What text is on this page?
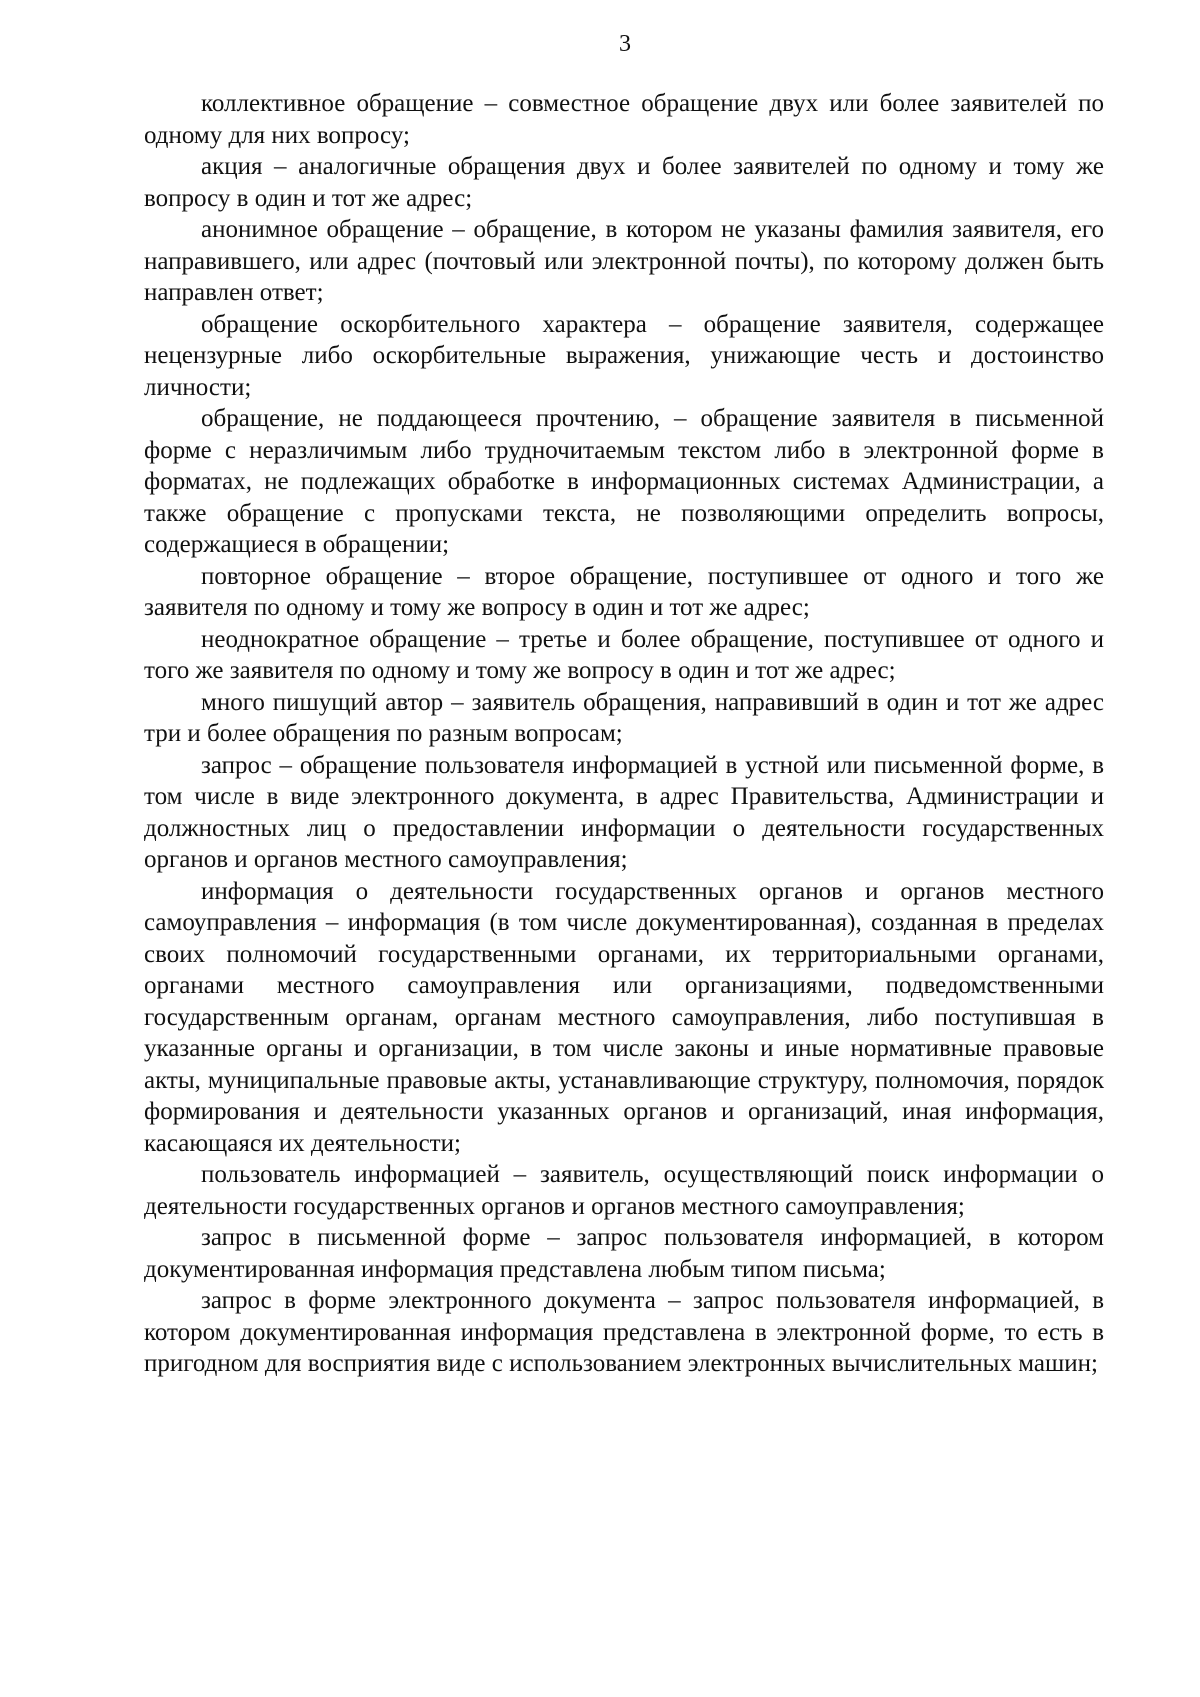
3

коллективное обращение – совместное обращение двух или более заявителей по одному для них вопросу;

акция – аналогичные обращения двух и более заявителей по одному и тому же вопросу в один и тот же адрес;

анонимное обращение – обращение, в котором не указаны фамилия заявителя, его направившего, или адрес (почтовый или электронной почты), по которому должен быть направлен ответ;

обращение оскорбительного характера – обращение заявителя, содержащее нецензурные либо оскорбительные выражения, унижающие честь и достоинство личности;

обращение, не поддающееся прочтению, – обращение заявителя в письменной форме с неразличимым либо трудночитаемым текстом либо в электронной форме в форматах, не подлежащих обработке в информационных системах Администрации, а также обращение с пропусками текста, не позволяющими определить вопросы, содержащиеся в обращении;

повторное обращение – второе обращение, поступившее от одного и того же заявителя по одному и тому же вопросу в один и тот же адрес;

неоднократное обращение – третье и более обращение, поступившее от одного и того же заявителя по одному и тому же вопросу в один и тот же адрес;

много пишущий автор – заявитель обращения, направивший в один и тот же адрес три и более обращения по разным вопросам;

запрос – обращение пользователя информацией в устной или письменной форме, в том числе в виде электронного документа, в адрес Правительства, Администрации и должностных лиц о предоставлении информации о деятельности государственных органов и органов местного самоуправления;

информация о деятельности государственных органов и органов местного самоуправления – информация (в том числе документированная), созданная в пределах своих полномочий государственными органами, их территориальными органами, органами местного самоуправления или организациями, подведомственными государственным органам, органам местного самоуправления, либо поступившая в указанные органы и организации, в том числе законы и иные нормативные правовые акты, муниципальные правовые акты, устанавливающие структуру, полномочия, порядок формирования и деятельности указанных органов и организаций, иная информация, касающаяся их деятельности;

пользователь информацией – заявитель, осуществляющий поиск информации о деятельности государственных органов и органов местного самоуправления;

запрос в письменной форме – запрос пользователя информацией, в котором документированная информация представлена любым типом письма;

запрос в форме электронного документа – запрос пользователя информацией, в котором документированная информация представлена в электронной форме, то есть в пригодном для восприятия виде с использованием электронных вычислительных машин;
